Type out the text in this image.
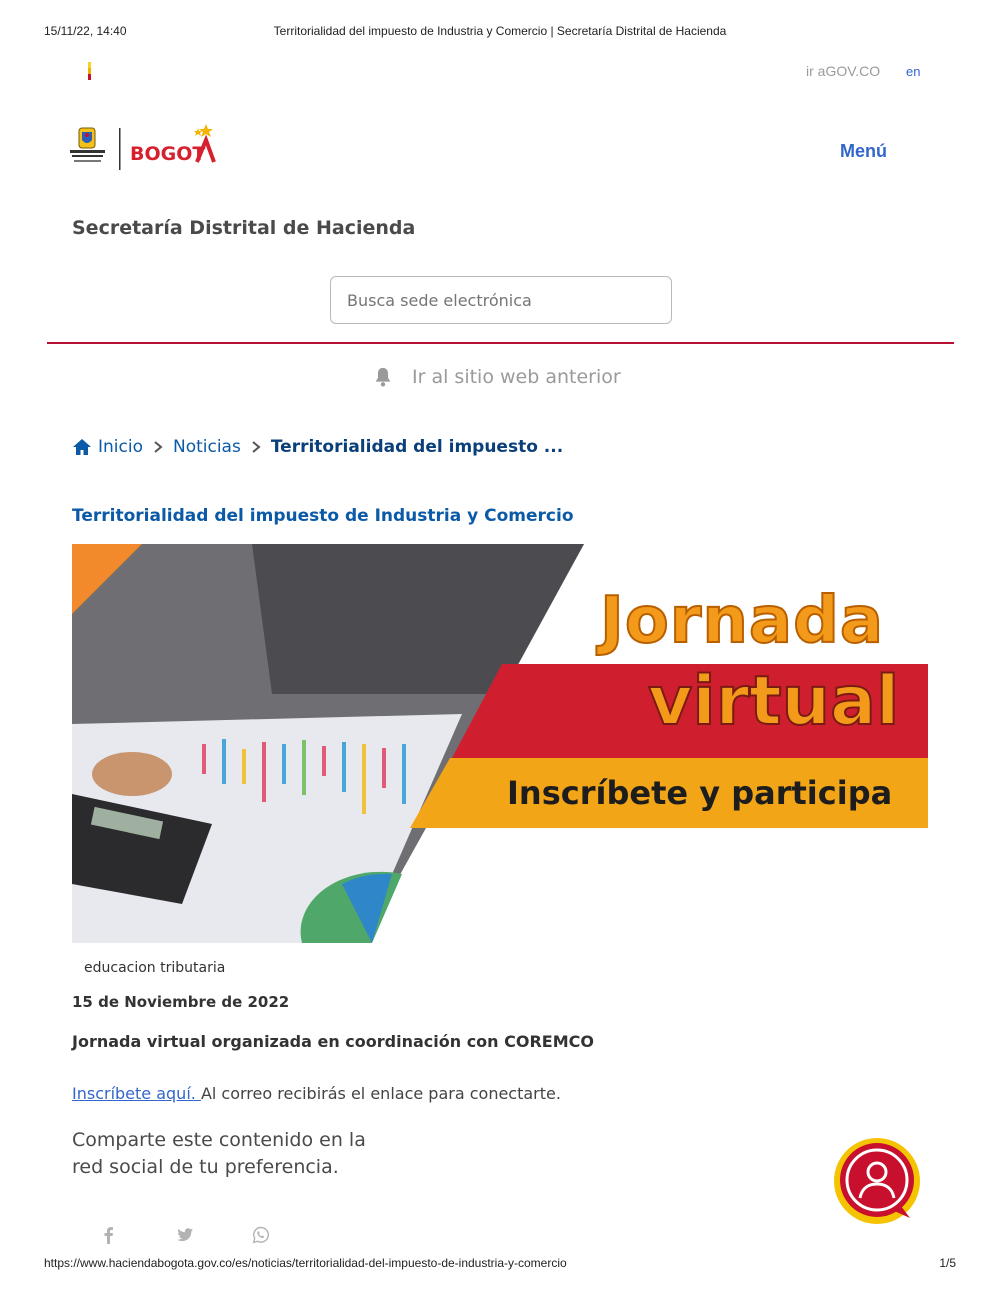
15/11/22, 14:40	Territorialidad del impuesto de Industria y Comercio | Secretaría Distrital de Hacienda
ir aGOV.CO en
BOGOT	Menú
Secretaría Distrital de Hacienda
Busca sede electrónica
Ir al sitio web anterior
Inicio Noticias Territorialidad del impuesto ...
Territorialidad del impuesto de Industria y Comercio
Jornada
virtual
Inscríbete y participa
educacion tributaria
15 de Noviembre de 2022
Jornada virtual organizada en coordinación con COREMCO

Inscríbete aquí. Al correo recibirás el enlace para conectarte.

Comparte este contenido en la red social de tu preferencia.

https://www.haciendabogota.gov.co/es/noticias/territorialidad-del-impuesto-de-industria-y-comercio	1/5
